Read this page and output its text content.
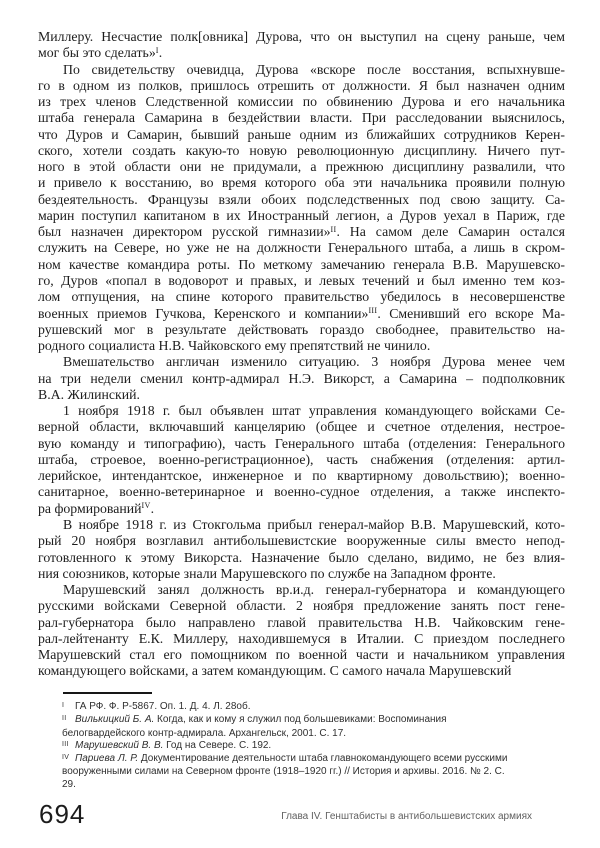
Миллеру. Несчастие полк[овника] Дурова, что он выступил на сцену раньше, чем
мог бы это сделать»$^I$.
По свидетельству очевидца, Дурова «вскоре после восстания, вспыхнувше-
го в одном из полков, пришлось отрешить от должности. Я был назначен одним
из трех членов Следственной комиссии по обвинению Дурова и его начальника
штаба генерала Самарина в бездействии власти. При расследовании выяснилось,
что Дуров и Самарин, бывший раньше одним из ближайших сотрудников Керен-
ского, хотели создать какую-то новую революционную дисциплину. Ничего пут-
ного в этой области они не придумали, а прежнюю дисциплину развалили, что
и привело к восстанию, во время которого оба эти начальника проявили полную
бездеятельность. Французы взяли обоих подследственных под свою защиту. Са-
марин поступил капитаном в их Иностранный легион, а Дуров уехал в Париж, где
был назначен директором русской гимназии»$^{II}$. На самом деле Самарин остался
служить на Севере, но уже не на должности Генерального штаба, а лишь в скром-
ном качестве командира роты. По меткому замечанию генерала В.В. Марушевско-
го, Дуров «попал в водоворот и правых, и левых течений и был именно тем коз-
лом отпущения, на спине которого правительство убедилось в несовершенстве
военных приемов Гучкова, Керенского и компании»$^{III}$. Сменивший его вскоре Ма-
рушевский мог в результате действовать гораздо свободнее, правительство на-
родного социалиста Н.В. Чайковского ему препятствий не чинило.
Вмешательство англичан изменило ситуацию. 3 ноября Дурова менее чем
на три недели сменил контр-адмирал Н.Э. Викорст, а Самарина – подполковник
В.А. Жилинский.
1 ноября 1918 г. был объявлен штат управления командующего войсками Се-
верной области, включавший канцелярию (общее и счетное отделения, нестрое-
вую команду и типографию), часть Генерального штаба (отделения: Генерального
штаба, строевое, военно-регистрационное), часть снабжения (отделения: артил-
лерийское, интендантское, инженерное и по квартирному довольствию); военно-
санитарное, военно-ветеринарное и военно-судное отделения, а также инспекто-
ра формирований$^{IV}$.
В ноябре 1918 г. из Стокгольма прибыл генерал-майор В.В. Марушевский, кото-
рый 20 ноября возглавил антибольшевистские вооруженные силы вместо непод-
готовленного к этому Викорста. Назначение было сделано, видимо, не без влия-
ния союзников, которые знали Марушевского по службе на Западном фронте.
Марушевский занял должность вр.и.д. генерал-губернатора и командующего
русскими войсками Северной области. 2 ноября предложение занять пост гене-
рал-губернатора было направлено главой правительства Н.В. Чайковским гене-
рал-лейтенанту Е.К. Миллеру, находившемуся в Италии. С приездом последнего
Марушевский стал его помощником по военной части и начальником управления
командующего войсками, а затем командующим. С самого начала Марушевский
I ГА РФ. Ф. Р-5867. Оп. 1. Д. 4. Л. 28об.
II Вилькицкий Б. А. Когда, как и кому я служил под большевиками: Воспоминания белогвардейского контр-адмирала. Архангельск, 2001. С. 17.
III Марушевский В. В. Год на Севере. С. 192.
IV Париева Л. Р. Документирование деятельности штаба главнокомандующего всеми русскими вооруженными силами на Северном фронте (1918–1920 гг.) // История и архивы. 2016. № 2. С. 29.
694	Глава IV. Генштабисты в антибольшевистских армиях
